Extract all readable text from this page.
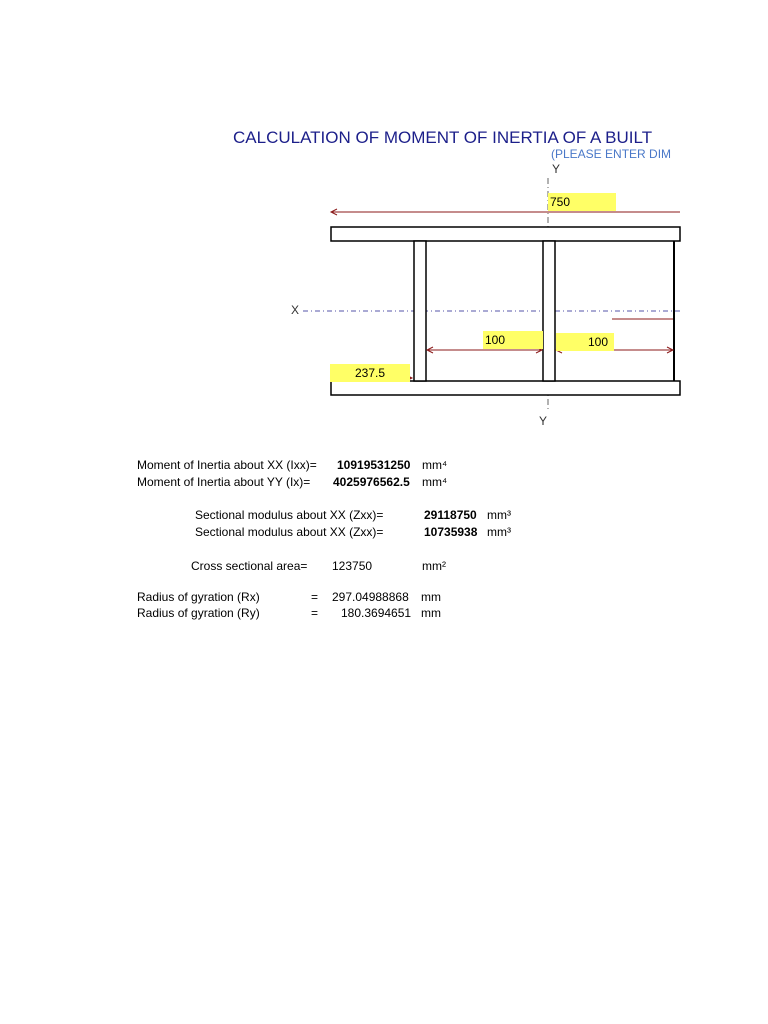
CALCULATION OF MOMENT OF INERTIA OF A BUILT
(PLEASE ENTER DIM
750
100	100
237.5
Y
X
Y
Moment of Inertia about XX (Ixx)= 10919531250 mm⁴
Moment of Inertia about YY (Ix)= 4025976562.5 mm⁴
Sectional modulus about XX (Zxx)=	29118750 mm³
Sectional modulus about XX (Zxx)=	10735938 mm³
Cross sectional area= 123750	mm²
Radius of gyration (Rx)	= 297.04988868 mm
Radius of gyration (Ry)	= 180.3694651 mm
